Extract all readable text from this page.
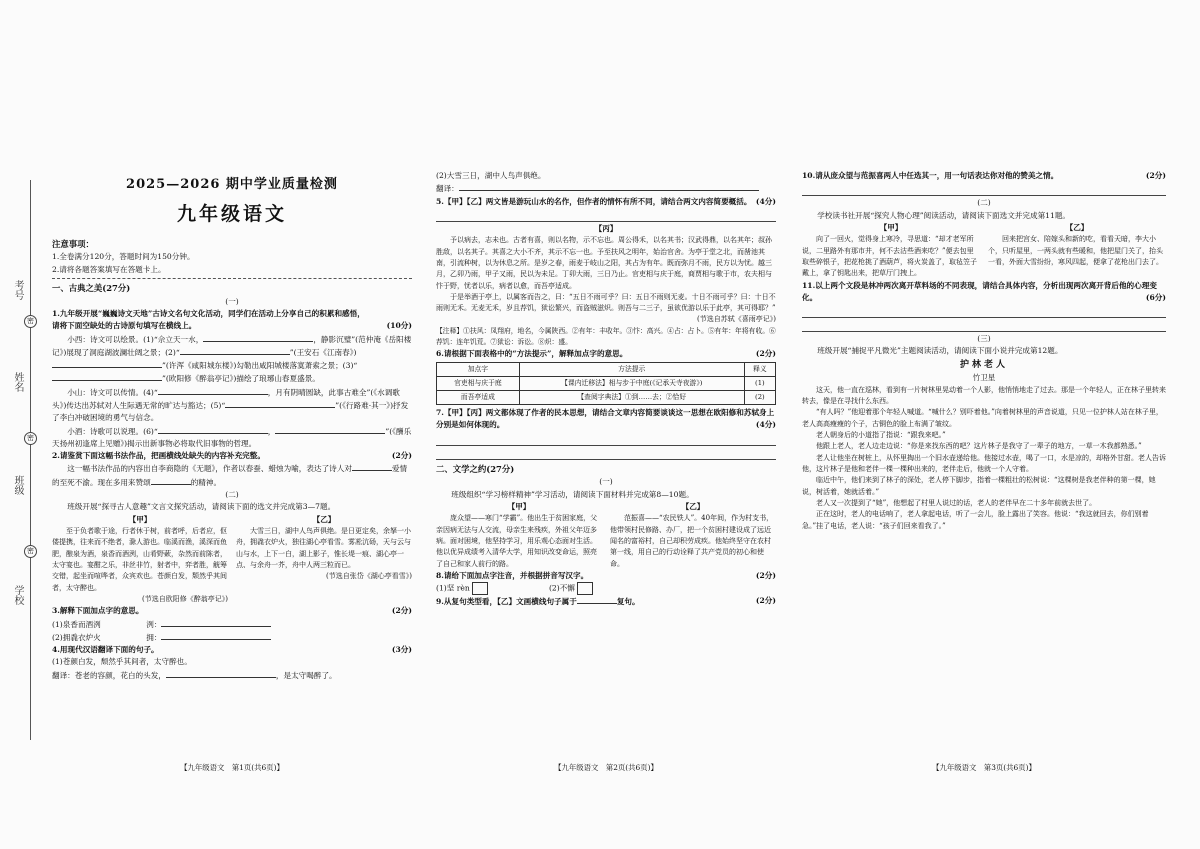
考号
姓名
班级
学校
密
密
密
2025—2026 期中学业质量检测
九年级语文
注意事项：

1.全卷满分120分，答题时间为150分钟。

2.请将各题答案填写在答题卡上。

一、古典之美(27分)
(一)

1.九年级开展“巍巍诗文天地”古诗文名句文化活动，同学们在活动上分享自己的积累和感悟，

请将下面空缺处的古诗原句填写在横线上。	(10分)

小西：诗文可以绘景。(1)“佘立天一水，	，静影沉璧”(范仲淹《岳阳楼记》)展现了洞庭湖波澜壮阔之景；(2)“	”(王安石《江南春》)

”(许浑《咸阳城东楼》)勾勒出咸阳城楼落寞萧索之景；(3)“”(欧阳修《醉翁亭记》)描绘了琅琊山春夏盛景。

小山：诗文可以传情。(4)“	，月有阴晴圆缺，此事古难全”(《水调歌头》)传达出苏轼对人生际遇无常的旷达与豁达；(5)“	”(《行路难·其一》)抒发了李白冲破困境的勇气与信念。

小酒：诗歌可以说理。(6)“	，	”(《酬乐天扬州初逢席上见赠》)揭示出新事物必将取代旧事物的哲理。

2.请鉴赏下面这幅书法作品，把画横线处缺失的内容补充完整。	(2分)

这一幅书法作品的内容出自李商隐的《无题》，作者以春蚕、蜡烛为喻，表达了诗人对	爱情的至死不渝。现在多用来赞颂	的精神。

(二)

班级开展“探寻古人意趣”文言文探究活动，请阅读下面的选文并完成第3—7题。

【甲】

至于负者歌于途，行者休于树，前者呼，后者应，伛偻提携，往来而不绝者，滁人游也。临溪而渔，溪深而鱼肥，酿泉为酒，泉香而酒洌，山肴野蔌，杂然而前陈者，太守宴也。宴酣之乐，非丝非竹，射者中，弈者胜，觥筹交错，起坐而喧哗者，众宾欢也。苍颜白发，颓然乎其间者，太守醉也。

(节选自欧阳修《醉翁亭记》)
【乙】

大雪三日，湖中人鸟声俱绝。是日更定矣，余拏一小舟，拥毳衣炉火，独往湖心亭看雪。雾凇沆砀，天与云与山与水，上下一白，湖上影子，惟长堤一痕、湖心亭一点、与余舟一芥，舟中人两三粒而已。

(节选自张岱《湖心亭看雪》)

3.解释下面加点字的意思。	(2分)

(1)泉香而酒洌　　　　　　	洌：

(2)拥毳衣炉火　　　　　　	拥：

4.用现代汉语翻译下面的句子。	(3分)

(1)苍颜白发，颓然乎其间者，太守醉也。

翻译：苍老的容颜，花白的头发，	，是太守喝醉了。

【九年级语文　第1页(共6页)】

(2)大雪三日，湖中人鸟声俱绝。

翻译：

5.【甲】【乙】两文皆是游玩山水的名作，但作者的情怀有所不同，请结合两文内容简要概括。 (4分)

【丙】

予以病去，志未也。古者有喜，则以名物，示不忘也。周公得禾，以名其书；汉武得鼎，以名其年；叔孙胜敌，以名其子。其喜之大小不齐，其示不忘一也。予至扶风之明年，始治官舍。为亭于堂之北，而凿池其南，引流种树，以为休息之所。是岁之春，雨麦于岐山之阳，其占为有年。既而弥月不雨，民方以为忧。越三月，乙卯乃雨，甲子又雨，民以为未足。丁卯大雨，三日乃止。官吏相与庆于庭，商贾相与歌于市，农夫相与忭于野，忧者以乐，病者以愈，而吾亭适成。

于是举酒于亭上，以属客而告之，曰：“五日不雨可乎？曰：五日不雨则无麦。十日不雨可乎？曰：十日不雨则无禾。无麦无禾，岁且荐饥，狱讼繁兴，而盗贼滋炽。则吾与二三子，虽欲优游以乐于此亭，其可得耶？”

(节选自苏轼《喜雨亭记》)

【注释】①扶风：凤翔府，地名，今属陕西。②有年：丰收年。③忭：高兴。④占：占卜。⑤有年：年将有收。⑥荐饥：连年饥荒。⑦狱讼：诉讼。⑧炽：盛。

6.请根据下面表格中的“方法提示”，解释加点字的意思。	(2分)

加点字	方法提示	释义
官吏相与庆于庭	【课内迁移法】相与步于中庭(《记承天寺夜游》)	(1)
而吾亭适成	【查阅字典法】①到……去；②恰好	(2)

7.【甲】【丙】两文都体现了作者的民本思想，请结合文章内容简要谈谈这一思想在欧阳修和苏轼身上分别是如何体现的。	(4分)

二、文学之约(27分)
(一)

班级组织“学习榜样精神”学习活动，请阅读下面材料并完成第8—10题。

【甲】

庞众望——寒门“学霸”。他出生于贫困家庭，父亲因病无法与人交流，母亲生来残疾，外祖父年迈多病。面对困境，他坚持学习，用乐观心态面对生活。他以优异成绩考入清华大学，用知识改变命运，照亮了自己和家人前行的路。

【乙】

范振喜——“农民铁人”。40年间，作为村支书，他带领村民修路、办厂，把一个贫困村建设成了远近闻名的富裕村，自己却积劳成疾。他始终坚守在农村第一线，用自己的行动诠释了共产党员的初心和使命。

8.请给下面加点字注音，并根据拼音写汉字。	(2分)

(1)坚 rèn 　　　　　　　　	(2)不懈

9.从复句类型看，【乙】文画横线句子属于	复句。	(2分)

【九年级语文　第2页(共6页)】

10.请从庞众望与范振喜两人中任选其一，用一句话表达你对他的赞美之情。	(2分)

(二)

学校读书社开展“探究人物心理”阅读活动，请阅读下面选文并完成第11题。

【甲】

向了一回火，觉得身上寒冷，寻思道：“却才老军所说，二里路外有那市井，何不去沽些酒来吃？”便去包里取些碎银子，把花枪挑了酒葫芦，将火炭盖了，取毡笠子戴上，拿了钥匙出来，把草厅门拽上。

【乙】

回来把宫女、陪嫁头和新的吃，看看天暗，李大小个，只听屋里，一两头就有些暖和，他把屋门关了，抬头一看，外面大雪纷纷，寒风四起，便拿了花枪出门去了。

11.以上两个文段是林冲两次离开草料场的不同表现，请结合具体内容，分析出现两次离开背后他的心理变化。	(6分)

(三)

班级开展“捕捉平凡微光”主题阅读活动，请阅读下面小说并完成第12题。

护林老人
竹卫星

这天，他一直在巡林，看到有一片树林里晃动着一个人影，他悄悄地走了过去。那是一个年轻人，正在林子里转来转去，像是在寻找什么东西。

“有人吗？”他迎着那个年轻人喊道。“喊什么？别吓着他。”向着树林里的声音说道，只见一位护林人站在林子里，老人高高瘦瘦的个子，古铜色的脸上布满了皱纹。

老人朝身后的小道指了指说：“跟我来吧。”

他跟上老人，老人边走边说：“你是来找东西的吧？这片林子是我守了一辈子的地方，一草一木我都熟悉。”

老人让他坐在树桩上，从怀里掏出一个旧水壶递给他。他接过水壶，喝了一口，水是凉的，却格外甘甜。老人告诉他，这片林子是他和老伴一棵一棵种出来的，老伴走后，他就一个人守着。

临近中午，他们来到了林子的深处，老人停下脚步，指着一棵粗壮的松树说：“这棵树是我老伴种的第一棵，她说，树活着，她就活着。”

老人又一次提到了“她”，他想起了村里人说过的话，老人的老伴早在二十多年前就去世了。

正在这时，老人的电话响了，老人拿起电话，听了一会儿，脸上露出了笑容。他说：“我这就回去，你们别着急。”挂了电话，老人说：“孩子们回来看我了。”

【九年级语文　第3页(共6页)】
